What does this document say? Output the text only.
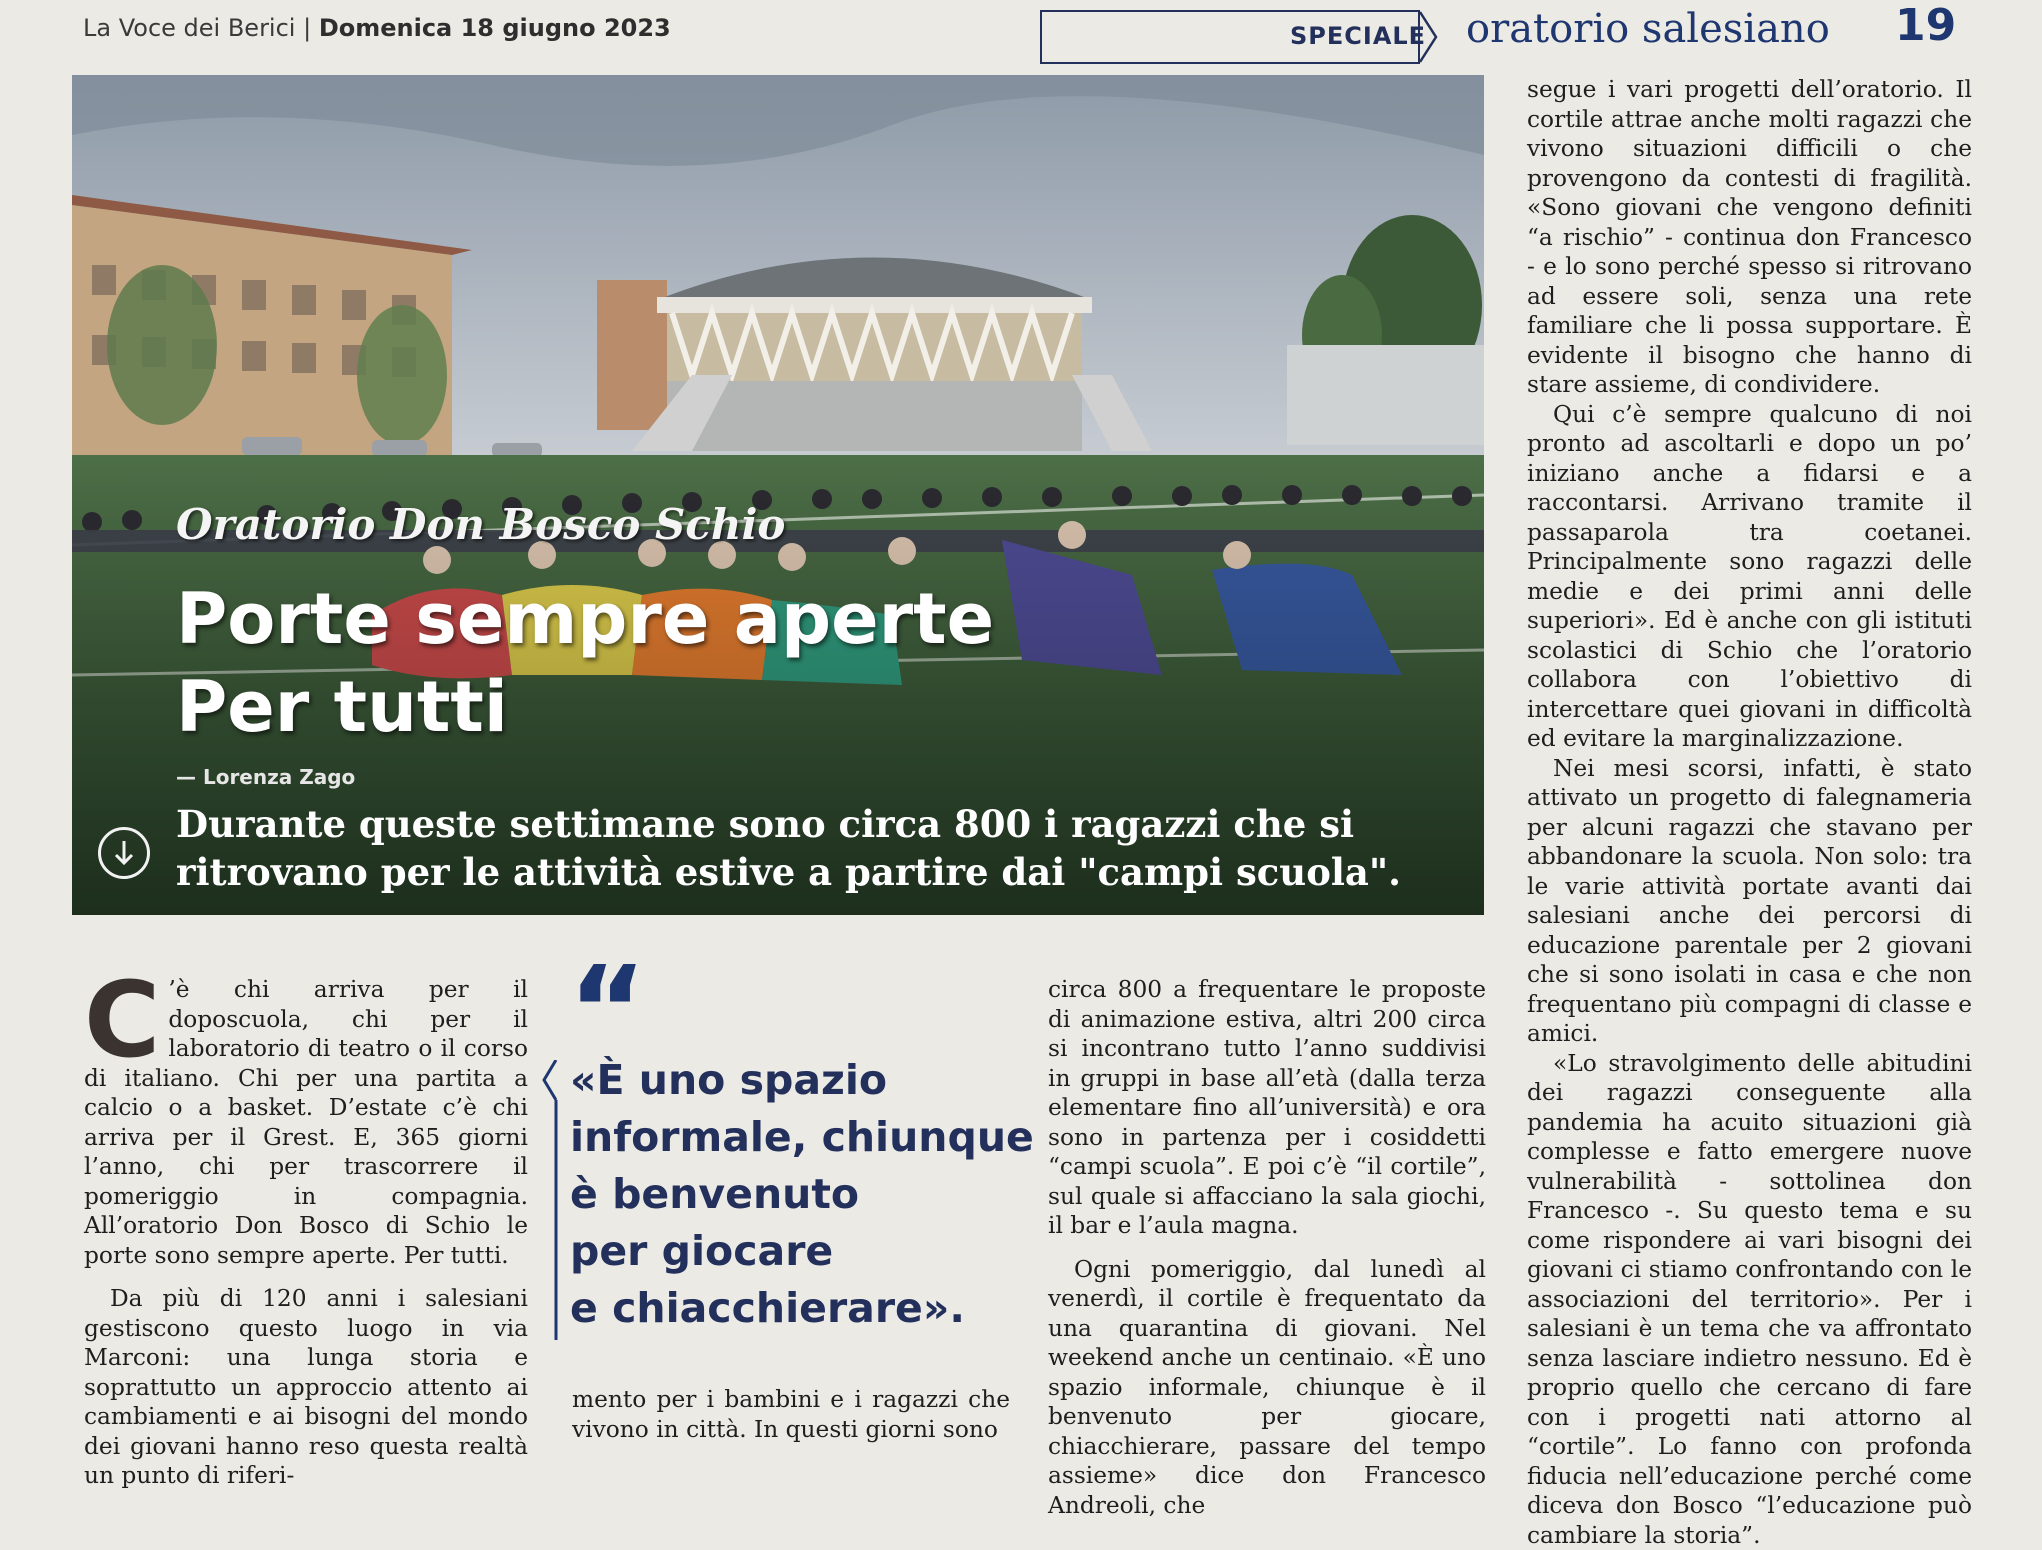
La Voce dei Berici | Domenica 18 giugno 2023	SPECIALE oratorio salesiano 19
Oratorio Don Bosco Schio
Porte sempre aperte
Per tutti
— Lorenza Zago
Durante queste settimane sono circa 800 i ragazzi che si ritrovano per le attività estive a partire dai "campi scuola".
C ’è chi arriva per il doposcuola, chi per il laboratorio di teatro o il corso di italiano. Chi per una partita a calcio o a basket. D’estate c’è chi arriva per il Grest. E, 365 giorni l’anno, chi per trascorrere il pomeriggio in compagnia. All’oratorio Don Bosco di Schio le porte sono sempre aperte. Per tutti.

Da più di 120 anni i salesiani gestiscono questo luogo in via Marconi: una lunga storia e soprattutto un approccio attento ai cambiamenti e ai bisogni del mondo dei giovani hanno reso questa realtà un punto di riferi-

“
«È uno spazio
informale, chiunque
è benvenuto
per giocare
e chiacchierare».

mento per i bambini e i ragazzi che vivono in città. In questi giorni sono

circa 800 a frequentare le proposte di animazione estiva, altri 200 circa si incontrano tutto l’anno suddivisi in gruppi in base all’età (dalla terza elementare fino all’università) e ora sono in partenza per i cosiddetti “campi scuola”. E poi c’è “il cortile”, sul quale si affacciano la sala giochi, il bar e l’aula magna.

Ogni pomeriggio, dal lunedì al venerdì, il cortile è frequentato da una quarantina di giovani. Nel weekend anche un centinaio. «È uno spazio informale, chiunque è il benvenuto per giocare, chiacchierare, passare del tempo assieme» dice don Francesco Andreoli, che

segue i vari progetti dell’oratorio. Il cortile attrae anche molti ragazzi che vivono situazioni difficili o che provengono da contesti di fragilità. «Sono giovani che vengono definiti “a rischio” - continua don Francesco - e lo sono perché spesso si ritrovano ad essere soli, senza una rete familiare che li possa supportare. È evidente il bisogno che hanno di stare assieme, di condividere.

Qui c’è sempre qualcuno di noi pronto ad ascoltarli e dopo un po’ iniziano anche a fidarsi e a raccontarsi. Arrivano tramite il passaparola tra coetanei. Principalmente sono ragazzi delle medie e dei primi anni delle superiori». Ed è anche con gli istituti scolastici di Schio che l’oratorio collabora con l’obiettivo di intercettare quei giovani in difficoltà ed evitare la marginalizzazione.

Nei mesi scorsi, infatti, è stato attivato un progetto di falegnameria per alcuni ragazzi che stavano per abbandonare la scuola. Non solo: tra le varie attività portate avanti dai salesiani anche dei percorsi di educazione parentale per 2 giovani che si sono isolati in casa e che non frequentano più compagni di classe e amici.

«Lo stravolgimento delle abitudini dei ragazzi conseguente alla pandemia ha acuito situazioni già complesse e fatto emergere nuove vulnerabilità - sottolinea don Francesco -. Su questo tema e su come rispondere ai vari bisogni dei giovani ci stiamo confrontando con le associazioni del territorio». Per i salesiani è un tema che va affrontato senza lasciare indietro nessuno. Ed è proprio quello che cercano di fare con i progetti nati attorno al “cortile”. Lo fanno con profonda fiducia nell’educazione perché come diceva don Bosco “l’educazione può cambiare la storia”.
